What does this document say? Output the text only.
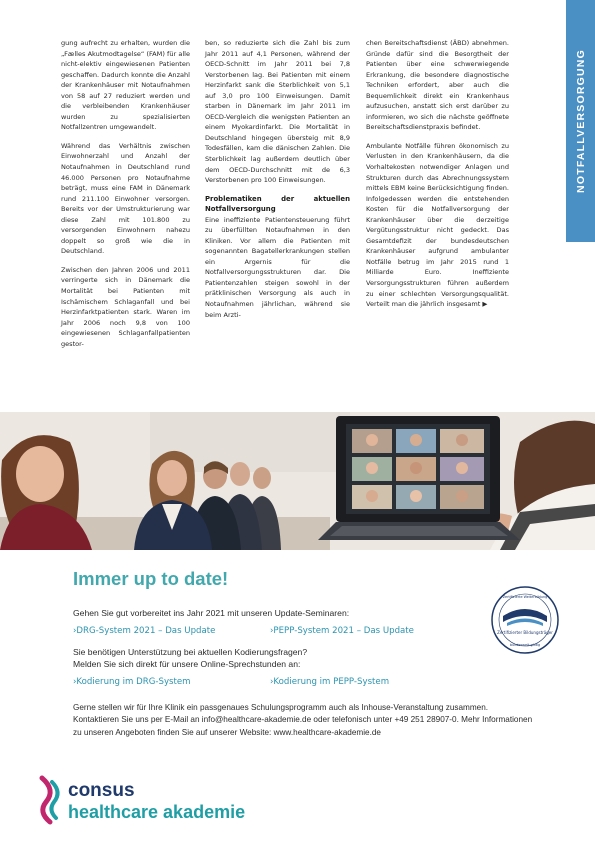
NOTFALLVERSORGUNG

gung aufrecht zu erhalten, wurden die „Fælles Akutmodtagelse“ (FAM) für alle nicht-elektiv eingewiesenen Patienten geschaffen. Dadurch konnte die Anzahl der Krankenhäuser mit Notaufnahmen von 58 auf 27 reduziert werden und die verbleibenden Krankenhäuser wurden zu spezialisierten Notfallzentren umgewandelt.

Während das Verhältnis zwischen Einwohnerzahl und Anzahl der Notaufnahmen in Deutschland rund 46.000 Personen pro Notaufnahme beträgt, muss eine FAM in Dänemark rund 211.100 Einwohner versorgen. Bereits vor der Umstrukturierung war diese Zahl mit 101.800 zu versorgenden Einwohnern nahezu doppelt so groß wie die in Deutschland.

Zwischen den Jahren 2006 und 2011 verringerte sich in Dänemark die Mortalität bei Patienten mit Ischämischem Schlaganfall und bei Herzinfarktpatienten stark. Waren im Jahr 2006 noch 9,8 von 100 eingewiesenen Schlaganfallpatienten gestor-

ben, so reduzierte sich die Zahl bis zum Jahr 2011 auf 4,1 Personen, während der OECD-Schnitt im Jahr 2011 bei 7,8 Verstorbenen lag. Bei Patienten mit einem Herzinfarkt sank die Sterblichkeit von 5,1 auf 3,0 pro 100 Einweisungen. Damit starben in Dänemark im Jahr 2011 im OECD-Vergleich die wenigsten Patienten an einem Myokardinfarkt. Die Mortalität in Deutschland hingegen übersteig mit 8,9 Todesfällen, kam die dänischen Zahlen. Die Sterblichkeit lag außerdem deutlich über dem OECD-Durchschnitt mit de 6,3 Verstorbenen pro 100 Einweisungen.

Problematiken der aktuellen Notfallversorgung

Eine ineffiziente Patientensteuerung führt zu überfüllten Notaufnahmen in den Kliniken. Vor allem die Patienten mit sogenannten Bagatellerkrankungen stellen ein Argernis für die Notfallversorgungsstrukturen dar. Die Patientenzahlen steigen sowohl in der prätklinischen Versorgung als auch in Notaufnahmen jährlichan, während sie beim Arzti-

chen Bereitschaftsdienst (ÄBD) abnehmen. Gründe dafür sind die Besorgtheit der Patienten über eine schwerwiegende Erkrankung, die besondere diagnostische Techniken erfordert, aber auch die Bequemlichkeit direkt ein Krankenhaus aufzusuchen, anstatt sich erst darüber zu informieren, wo sich die nächste geöffnete Bereitschaftsdienstpraxis befindet.

Ambulante Notfälle führen ökonomisch zu Verlusten in den Krankenhäusern, da die Vorhaltekosten notwendiger Anlagen und Strukturen durch das Abrechnungssystem mittels EBM keine Berücksichtigung finden. Infolgedessen werden die entstehenden Kosten für die Notfallversorgung der Krankenhäuser über die derzeitige Vergütungsstruktur nicht gedeckt. Das Gesamtdefizit der bundesdeutschen Krankenhäuser aufgrund ambulanter Notfälle betrug im Jahr 2015 rund 1 Milliarde Euro. Ineffiziente Versorgungsstrukturen führen außerdem zu einer schlechten Versorgungsqualität. Verteilt man die jährlich insgesamt ▶

Immer up to date!
Gehen Sie gut vorbereitet ins Jahr 2021 mit unseren Update-Seminaren:
›DRG-System 2021 – Das Update	›PEPP-System 2021 – Das Update
Sie benötigen Unterstützung bei aktuellen Kodierungsfragen?
Melden Sie sich direkt für unsere Online-Sprechstunden an:
›Kodierung im DRG-System	›Kodierung im PEPP-System
Gerne stellen wir für Ihre Klinik ein passgenaues Schulungsprogramm auch als Inhouse-Veranstaltung zusammen. Kontaktieren Sie uns per E-Mail an info@healthcare-akademie.de oder telefonisch unter +49 251 28907-0. Mehr Informationen zu unseren Angeboten finden Sie auf unserer Website: www.healthcare-akademie.de
Zertifizierter Bildungsträger
Zertifizierte Weiterbildung
bundesweit gültig
consus
healthcare akademie
